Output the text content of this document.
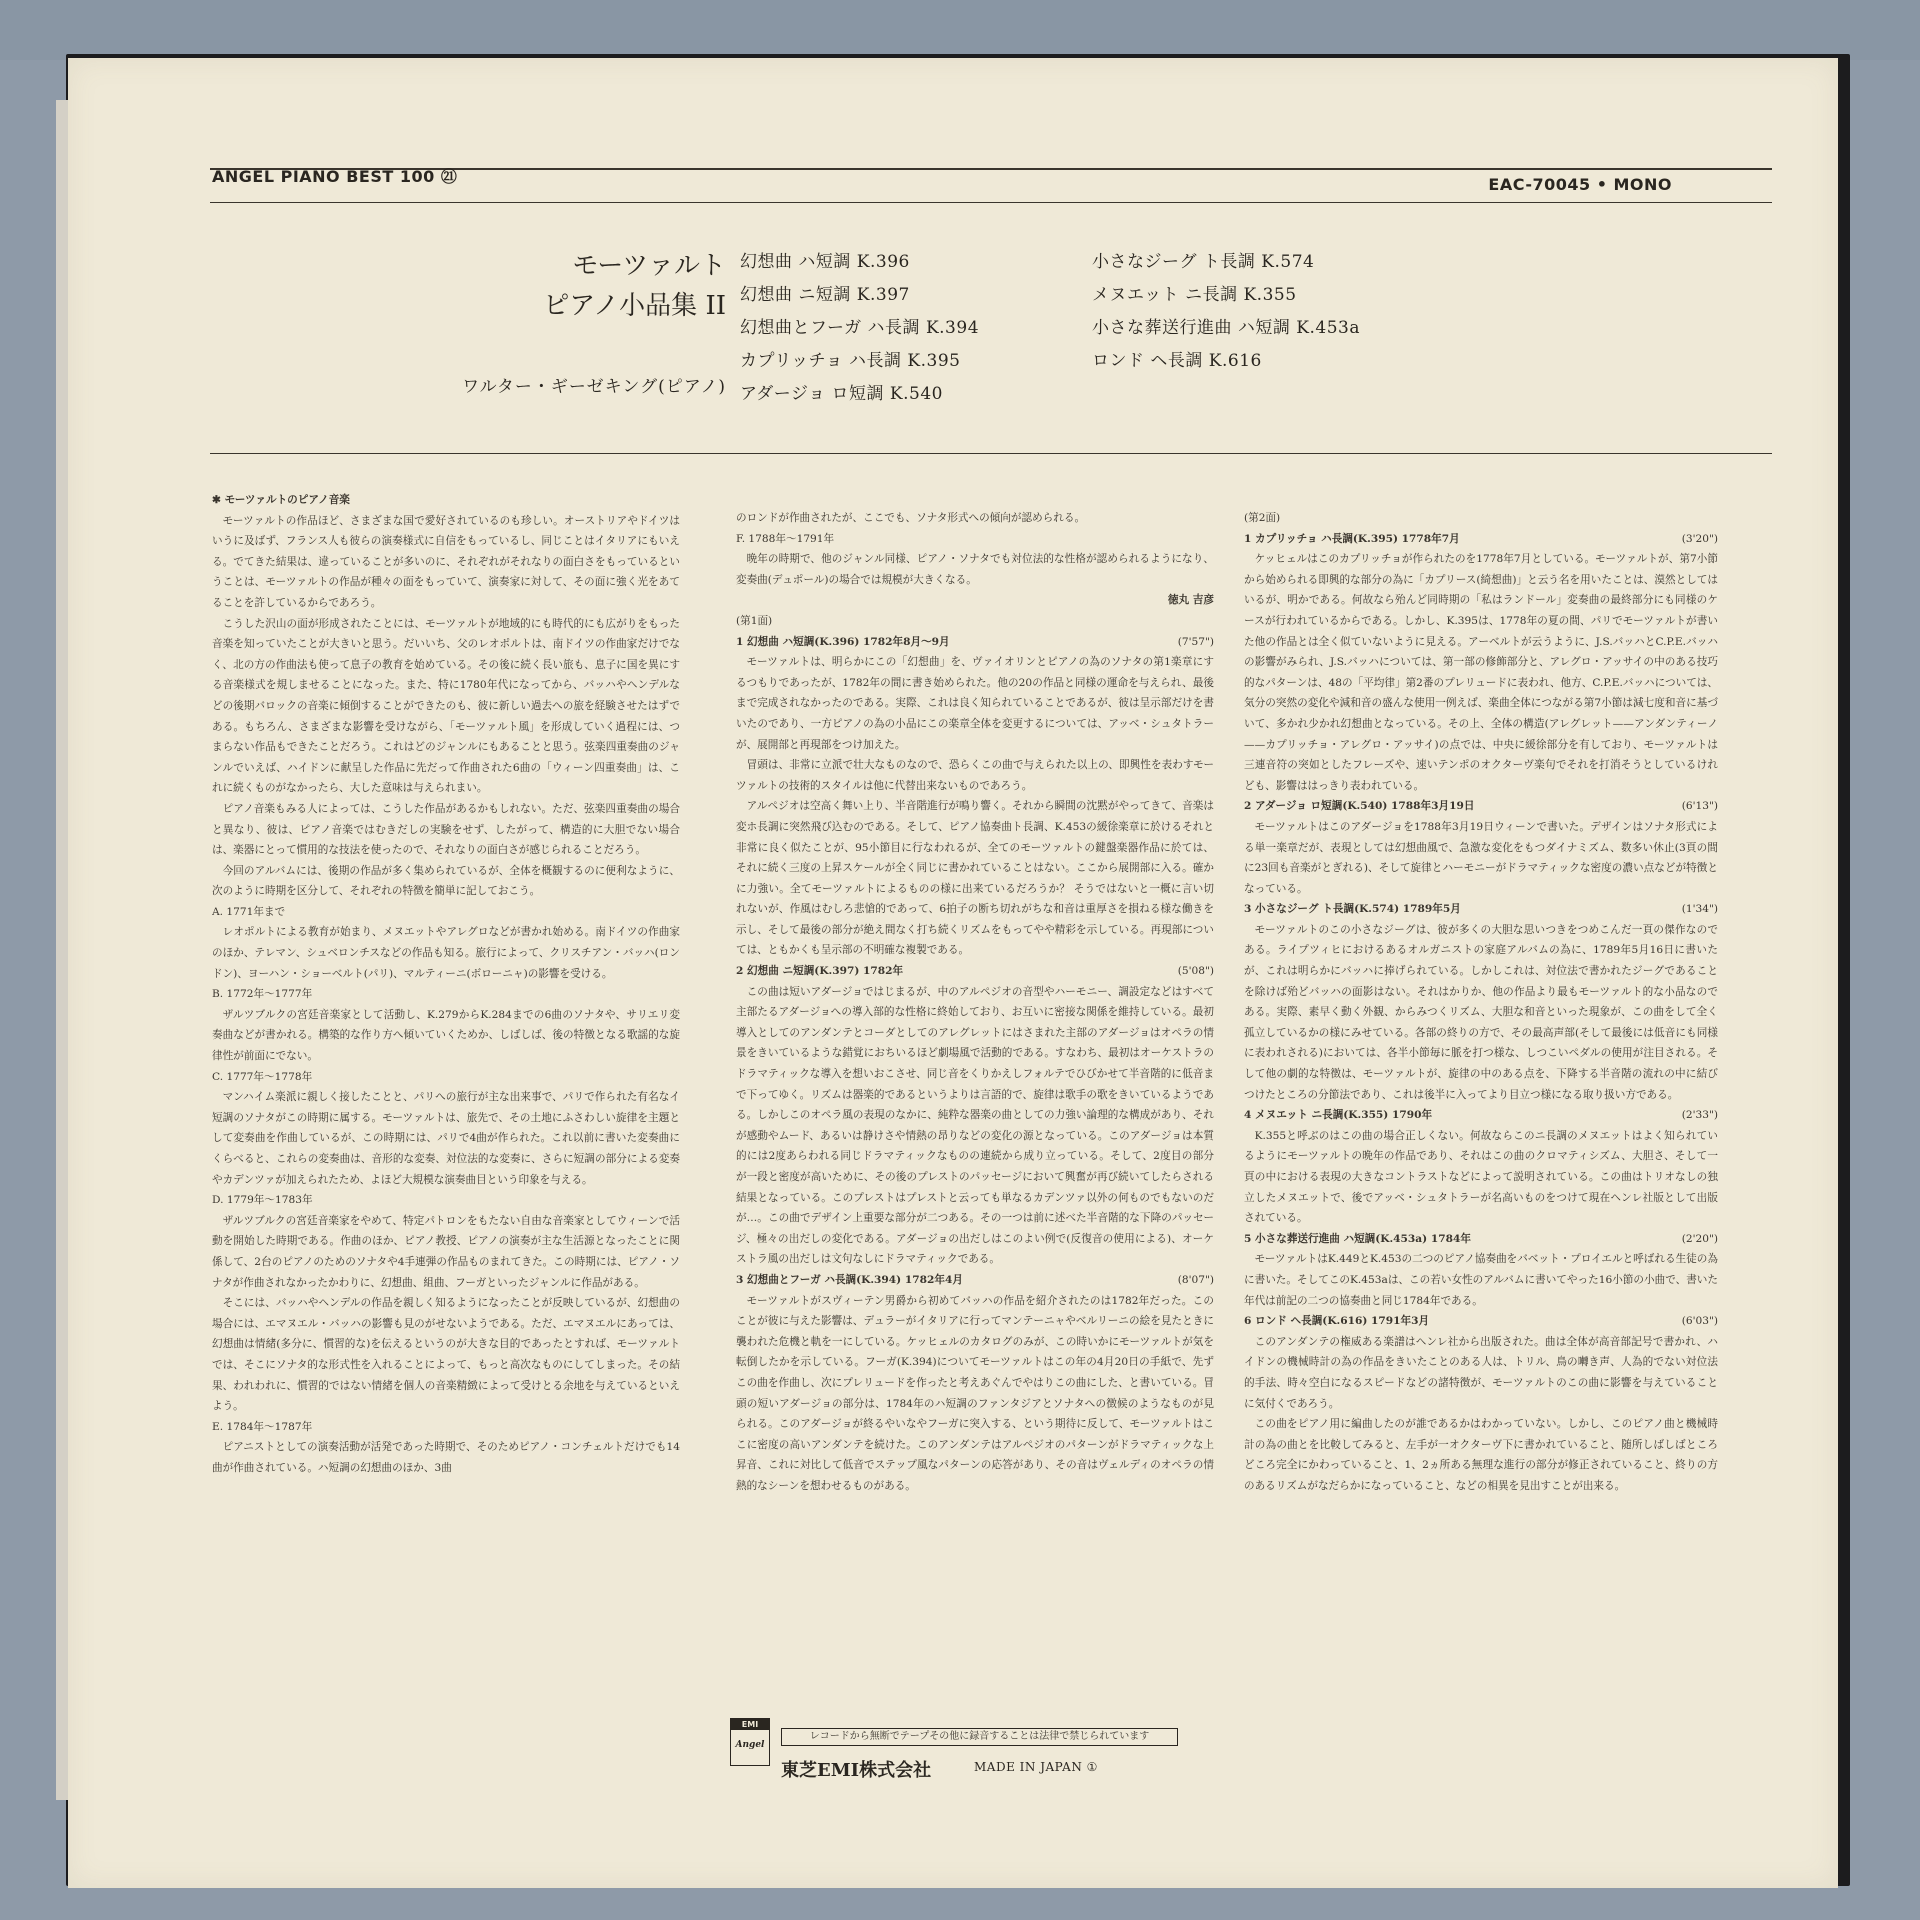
ANGEL PIANO BEST 100 ㉑	EAC-70045 • MONO
モーツァルト
ピアノ小品集 II
ワルター・ギーゼキング(ピアノ)
幻想曲 ハ短調 K.396
幻想曲 ニ短調 K.397
幻想曲とフーガ ハ長調 K.394
カプリッチョ ハ長調 K.395
アダージョ ロ短調 K.540
小さなジーグ ト長調 K.574
メヌエット ニ長調 K.355
小さな葬送行進曲 ハ短調 K.453a
ロンド ヘ長調 K.616

✱ モーツァルトのピアノ音楽

モーツァルトの作品ほど、さまざまな国で愛好されているのも珍しい。オーストリアやドイツはいうに及ばず、フランス人も彼らの演奏様式に自信をもっているし、同じことはイタリアにもいえる。でてきた結果は、違っていることが多いのに、それぞれがそれなりの面白さをもっているということは、モーツァルトの作品が種々の面をもっていて、演奏家に対して、その面に強く光をあてることを許しているからであろう。

こうした沢山の面が形成されたことには、モーツァルトが地域的にも時代的にも広がりをもった音楽を知っていたことが大きいと思う。だいいち、父のレオポルトは、南ドイツの作曲家だけでなく、北の方の作曲法も使って息子の教育を始めている。その後に続く長い旅も、息子に国を異にする音楽様式を規しませることになった。また、特に1780年代になってから、バッハやヘンデルなどの後期バロックの音楽に傾倒することができたのも、彼に新しい過去への旅を経験させたはずである。もちろん、さまざまな影響を受けながら、「モーツァルト風」を形成していく過程には、つまらない作品もできたことだろう。これはどのジャンルにもあることと思う。弦楽四重奏曲のジャンルでいえば、ハイドンに献呈した作品に先だって作曲された6曲の「ウィーン四重奏曲」は、これに続くものがなかったら、大した意味は与えられまい。

ピアノ音楽もみる人によっては、こうした作品があるかもしれない。ただ、弦楽四重奏曲の場合と異なり、彼は、ピアノ音楽ではむきだしの実験をせず、したがって、構造的に大胆でない場合は、楽器にとって慣用的な技法を使ったので、それなりの面白さが感じられることだろう。

今回のアルバムには、後期の作品が多く集められているが、全体を概観するのに便利なように、次のように時期を区分して、それぞれの特徴を簡単に記しておこう。

A. 1771年まで

レオポルトによる教育が始まり、メヌエットやアレグロなどが書かれ始める。南ドイツの作曲家のほか、テレマン、シュベロンチスなどの作品も知る。旅行によって、クリスチアン・バッハ(ロンドン)、ヨーハン・ショーベルト(パリ)、マルティーニ(ボローニャ)の影響を受ける。

B. 1772年〜1777年

ザルツブルクの宮廷音楽家として活動し、K.279からK.284までの6曲のソナタや、サリエリ変奏曲などが書かれる。構築的な作り方へ傾いていくためか、しばしば、後の特徴となる歌謡的な旋律性が前面にでない。

C. 1777年〜1778年

マンハイム楽派に親しく接したことと、パリへの旅行が主な出来事で、パリで作られた有名なイ短調のソナタがこの時期に属する。モーツァルトは、旅先で、その土地にふさわしい旋律を主題として変奏曲を作曲しているが、この時期には、パリで4曲が作られた。これ以前に書いた変奏曲にくらべると、これらの変奏曲は、音形的な変奏、対位法的な変奏に、さらに短調の部分による変奏やカデンツァが加えられたため、よほど大規模な演奏曲目という印象を与える。

D. 1779年〜1783年

ザルツブルクの宮廷音楽家をやめて、特定パトロンをもたない自由な音楽家としてウィーンで活動を開始した時期である。作曲のほか、ピアノ教授、ピアノの演奏が主な生活源となったことに関係して、2台のピアノのためのソナタや4手連弾の作品ものまれてきた。この時期には、ピアノ・ソナタが作曲されなかったかわりに、幻想曲、組曲、フーガといったジャンルに作品がある。

そこには、バッハやヘンデルの作品を親しく知るようになったことが反映しているが、幻想曲の場合には、エマヌエル・バッハの影響も見のがせないようである。ただ、エマヌエルにあっては、幻想曲は情緒(多分に、慣習的な)を伝えるというのが大きな目的であったとすれば、モーツァルトでは、そこにソナタ的な形式性を入れることによって、もっと高次なものにしてしまった。その結果、われわれに、慣習的ではない情緒を個人の音楽精緻によって受けとる余地を与えているといえよう。

E. 1784年〜1787年

ピアニストとしての演奏活動が活発であった時期で、そのためピアノ・コンチェルトだけでも14曲が作曲されている。ハ短調の幻想曲のほか、3曲

のロンドが作曲されたが、ここでも、ソナタ形式への傾向が認められる。

F. 1788年〜1791年

晩年の時期で、他のジャンル同様、ピアノ・ソナタでも対位法的な性格が認められるようになり、変奏曲(デュポール)の場合では規模が大きくなる。

徳丸 吉彦

(第1面)

1 幻想曲 ハ短調(K.396) 1782年8月〜9月	(7'57")

モーツァルトは、明らかにこの「幻想曲」を、ヴァイオリンとピアノの為のソナタの第1楽章にするつもりであったが、1782年の間に書き始められた。他の20の作品と同様の運命を与えられ、最後まで完成されなかったのである。実際、これは良く知られていることであるが、彼は呈示部だけを書いたのであり、一方ピアノの為の小品にこの楽章全体を変更するについては、アッベ・シュタトラーが、展開部と再現部をつけ加えた。

冒頭は、非常に立派で壮大なものなので、恐らくこの曲で与えられた以上の、即興性を表わすモーツァルトの技術的スタイルは他に代替出来ないものであろう。

アルペジオは空高く舞い上り、半音階進行が鳴り響く。それから瞬間の沈黙がやってきて、音楽は変ホ長調に突然飛び込むのである。そして、ピアノ協奏曲ト長調、K.453の緩徐楽章に於けるそれと非常に良く似たことが、95小節目に行なわれるが、全てのモーツァルトの鍵盤楽器作品に於ては、それに続く三度の上昇スケールが全く同じに書かれていることはない。ここから展開部に入る。確かに力強い。全てモーツァルトによるものの様に出来ているだろうか？ そうではないと一概に言い切れないが、作風はむしろ悲愴的であって、6拍子の断ち切れがちな和音は重厚さを損ねる様な働きを示し、そして最後の部分が絶え間なく打ち続くリズムをもってやや精彩を示している。再現部については、ともかくも呈示部の不明確な複製である。

2 幻想曲 ニ短調(K.397) 1782年	(5'08")

この曲は短いアダージョではじまるが、中のアルペジオの音型やハーモニー、調設定などはすべて主部たるアダージョへの導入部的な性格に終始しており、お互いに密接な関係を維持している。最初導入としてのアンダンテとコーダとしてのアレグレットにはさまれた主部のアダージョはオペラの情景をきいているような錯覚におちいるほど劇場風で活動的である。すなわち、最初はオーケストラのドラマティックな導入を想いおこさせ、同じ音をくりかえしフォルテでひびかせて半音階的に低音まで下ってゆく。リズムは器楽的であるというよりは言語的で、旋律は歌手の歌をきいているようである。しかしこのオペラ風の表現のなかに、純粋な器楽の曲としての力強い論理的な構成があり、それが感動やムード、あるいは静けさや情熱の昂りなどの変化の源となっている。このアダージョは本質的には2度あらわれる同じドラマティックなものの連続から成り立っている。そして、2度目の部分が一段と密度が高いために、その後のプレストのパッセージにおいて興奮が再び続いてしたらされる結果となっている。このプレストはプレストと云っても単なるカデンツァ以外の何ものでもないのだが…。この曲でデザイン上重要な部分が二つある。その一つは前に述べた半音階的な下降のパッセージ、極々の出だしの変化である。アダージョの出だしはこのよい例で(反復音の使用による)、オーケストラ風の出だしは文句なしにドラマティックである。

3 幻想曲とフーガ ハ長調(K.394) 1782年4月	(8'07")

モーツァルトがスヴィーテン男爵から初めてバッハの作品を紹介されたのは1782年だった。このことが彼に与えた影響は、デュラーがイタリアに行ってマンテーニャやベルリーニの絵を見たときに襲われた危機と軌を一にしている。ケッヒェルのカタログのみが、この時いかにモーツァルトが気を転倒したかを示している。フーガ(K.394)についてモーツァルトはこの年の4月20日の手紙で、先ずこの曲を作曲し、次にプレリュードを作ったと考えあぐんでやはりこの曲にした、と書いている。冒頭の短いアダージョの部分は、1784年のハ短調のファンタジアとソナタへの徴候のようなものが見られる。このアダージョが終るやいなやフーガに突入する、という期待に反して、モーツァルトはここに密度の高いアンダンテを続けた。このアンダンテはアルペジオのパターンがドラマティックな上昇音、これに対比して低音でステップ風なパターンの応答があり、その音はヴェルディのオペラの情熱的なシーンを想わせるものがある。

(第2面)

1 カプリッチョ ハ長調(K.395) 1778年7月	(3'20")

ケッヒェルはこのカプリッチョが作られたのを1778年7月としている。モーツァルトが、第7小節から始められる即興的な部分の為に「カプリース(綺想曲)」と云う名を用いたことは、漠然としてはいるが、明かである。何故なら殆んど同時期の「私はランドール」変奏曲の最終部分にも同様のケースが行われているからである。しかし、K.395は、1778年の夏の間、パリでモーツァルトが書いた他の作品とは全く似ていないように見える。アーベルトが云うように、J.S.バッハとC.P.E.バッハの影響がみられ、J.S.バッハについては、第一部の修飾部分と、アレグロ・アッサイの中のある技巧的なパターンは、48の「平均律」第2番のプレリュードに表われ、他方、C.P.E.バッハについては、気分の突然の変化や減和音の盛んな使用一例えば、楽曲全体につながる第7小節は減七度和音に基づいて、多かれ少かれ幻想曲となっている。その上、全体の構造(アレグレット——アンダンティーノ——カプリッチョ・アレグロ・アッサイ)の点では、中央に緩徐部分を有しており、モーツァルトは三連音符の突如としたフレーズや、速いテンポのオクターヴ楽句でそれを打消そうとしているけれども、影響ははっきり表われている。

2 アダージョ ロ短調(K.540) 1788年3月19日	(6'13")

モーツァルトはこのアダージョを1788年3月19日ウィーンで書いた。デザインはソナタ形式による単一楽章だが、表現としては幻想曲風で、急激な変化をもつダイナミズム、数多い休止(3頁の間に23回も音楽がとぎれる)、そして旋律とハーモニーがドラマティックな密度の濃い点などが特徴となっている。

3 小さなジーグ ト長調(K.574) 1789年5月	(1'34")

モーツァルトのこの小さなジーグは、彼が多くの大胆な思いつきをつめこんだ一頁の傑作なのである。ライプツィヒにおけるあるオルガニストの家庭アルバムの為に、1789年5月16日に書いたが、これは明らかにバッハに捧げられている。しかしこれは、対位法で書かれたジーグであることを除けば殆どバッハの面影はない。それはかりか、他の作品より最もモーツァルト的な小品なのである。実際、素早く動く外観、からみつくリズム、大胆な和音といった現象が、この曲をして全く孤立しているかの様にみせている。各部の終りの方で、その最高声部(そして最後には低音にも同様に表われされる)においては、各半小節毎に脈を打つ様な、しつこいペダルの使用が注目される。そして他の劇的な特徴は、モーツァルトが、旋律の中のある点を、下降する半音階の流れの中に結びつけたところの分節法であり、これは後半に入ってより目立つ様になる取り扱い方である。

4 メヌエット ニ長調(K.355) 1790年	(2'33")

K.355と呼ぶのはこの曲の場合正しくない。何故ならこのニ長調のメヌエットはよく知られているようにモーツァルトの晩年の作品であり、それはこの曲のクロマティシズム、大胆さ、そして一頁の中における表現の大きなコントラストなどによって説明されている。この曲はトリオなしの独立したメヌエットで、後でアッベ・シュタトラーが名高いものをつけて現在ヘンレ社版として出版されている。

5 小さな葬送行進曲 ハ短調(K.453a) 1784年	(2'20")

モーツァルトはK.449とK.453の二つのピアノ協奏曲をバベット・プロイエルと呼ばれる生徒の為に書いた。そしてこのK.453aは、この若い女性のアルバムに書いてやった16小節の小曲で、書いた年代は前記の二つの協奏曲と同じ1784年である。

6 ロンド ヘ長調(K.616) 1791年3月	(6'03")

このアンダンテの権威ある楽譜はヘンレ社から出版された。曲は全体が高音部記号で書かれ、ハイドンの機械時計の為の作品をきいたことのある人は、トリル、鳥の囀き声、人為的でない対位法的手法、時々空白になるスピードなどの諸特徴が、モーツァルトのこの曲に影響を与えていることに気付くであろう。

この曲をピアノ用に編曲したのが誰であるかはわかっていない。しかし、このピアノ曲と機械時計の為の曲とを比較してみると、左手が一オクターヴ下に書かれていること、随所しばしばところどころ完全にかわっていること、1、2ヵ所ある無理な進行の部分が修正されていること、終りの方のあるリズムがなだらかになっていること、などの相異を見出すことが出来る。

EMI
Angel
レコードから無断でテープその他に録音することは法律で禁じられています
東芝EMI株式会社	MADE IN JAPAN ①
